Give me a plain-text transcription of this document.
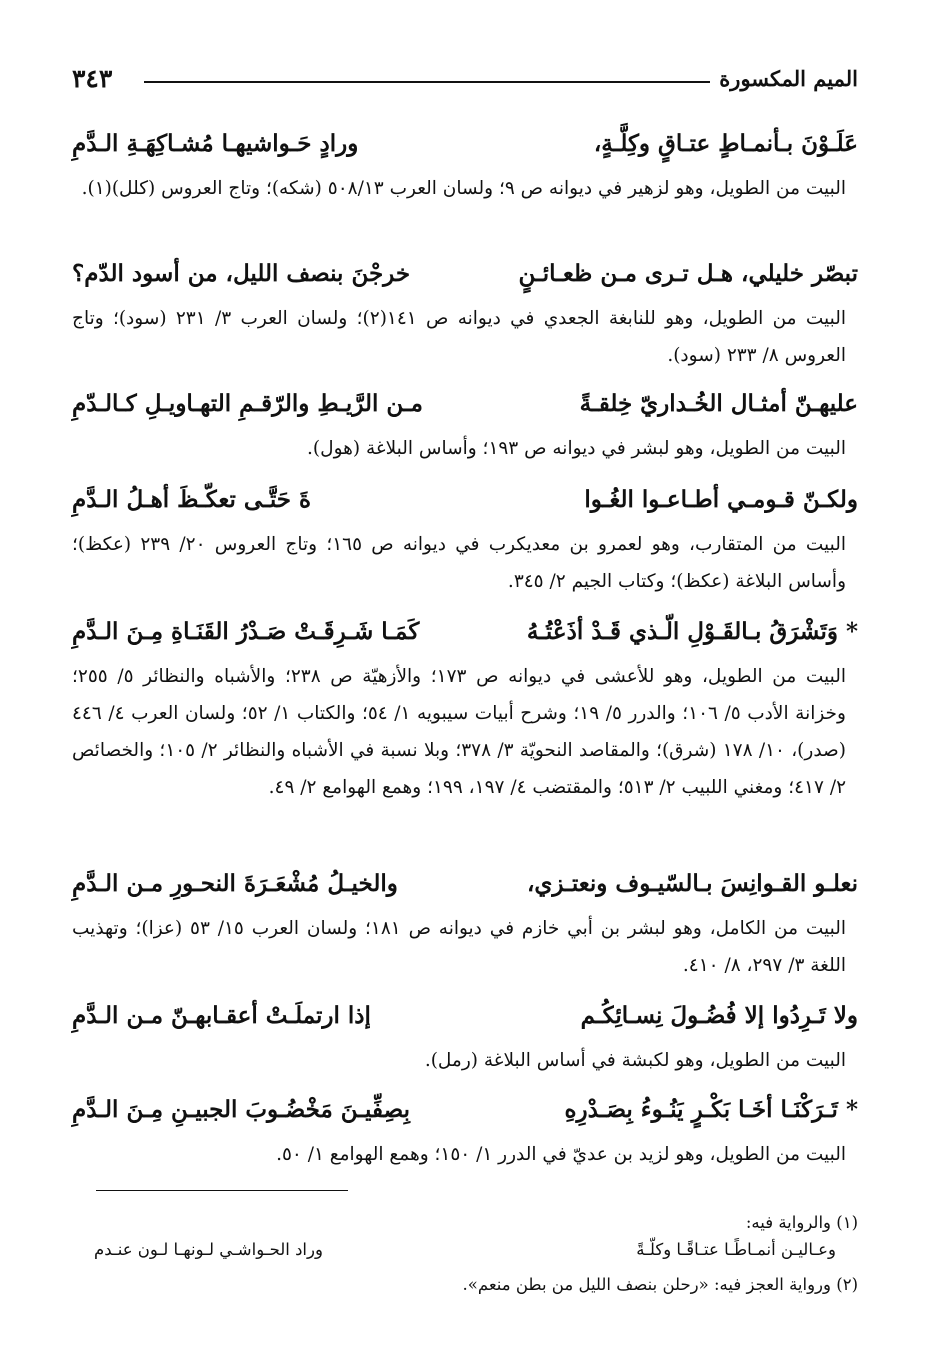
الميم المكسورة
٣٤٣
عَلَـوْنَ بـأنمـاطٍ عتـاقٍ وكِلَّـةٍ،
ورادٍ حَـواشيهـا مُشـاكِهَـةِ الـدَّمِ
البيت من الطويل، وهو لزهير في ديوانه ص ٩؛ ولسان العرب ٥٠٨/١٣ (شكه)؛ وتاج العروس (كلل)(١).
تبصّر خليلي، هـل تـرى مـن ظعـائـنٍ
خرجْنَ بنصف الليل، من أسود الدّم؟
البيت من الطويل، وهو للنابغة الجعدي في ديوانه ص ١٤١(٢)؛ ولسان العرب ٣/ ٢٣١ (سود)؛ وتاج العروس ٨/ ٢٣٣ (سود).
عليهـنّ أمثـال الخُـداريّ خِلقـةً
مـن الرَّيـطِ والرّقـمِ التهـاويـلِ كـالـدّمِ
البيت من الطويل، وهو لبشر في ديوانه ص ١٩٣؛ وأساس البلاغة (هول).
ولكـنّ قـومـي أطـاعـوا الغُـوا
ةَ حَتَّـى تعكّـظَ أهـلُ الـدَّمِ
البيت من المتقارب، وهو لعمرو بن معديكرب في ديوانه ص ١٦٥؛ وتاج العروس ٢٠/ ٢٣٩ (عكظ)؛ وأساس البلاغة (عكظ)؛ وكتاب الجيم ٢/ ٣٤٥.
* وَتَشْرَقُ بـالقَـوْلِ الّـذي قَـدْ أذَعْتُـهُ
كَمَـا شَـرِقَـتْ صَـدْرُ القَنَـاةِ مِـنَ الـدَّمِ
البيت من الطويل، وهو للأعشى في ديوانه ص ١٧٣؛ والأزهيّة ص ٢٣٨؛ والأشباه والنظائر ٥/ ٢٥٥؛ وخزانة الأدب ٥/ ١٠٦؛ والدرر ٥/ ١٩؛ وشرح أبيات سيبويه ١/ ٥٤؛ والكتاب ١/ ٥٢؛ ولسان العرب ٤/ ٤٤٦ (صدر)، ١٠/ ١٧٨ (شرق)؛ والمقاصد النحويّة ٣/ ٣٧٨؛ وبلا نسبة في الأشباه والنظائر ٢/ ١٠٥؛ والخصائص ٢/ ٤١٧؛ ومغني اللبيب ٢/ ٥١٣؛ والمقتضب ٤/ ١٩٧، ١٩٩؛ وهمع الهوامع ٢/ ٤٩.
نعلـو القـوانِسَ بـالسّيـوف ونعتـزي،
والخيـلُ مُشْعَـرَةَ النحـورِ مـن الـدَّمِ
البيت من الكامل، وهو لبشر بن أبي خازم في ديوانه ص ١٨١؛ ولسان العرب ١٥/ ٥٣ (عزا)؛ وتهذيب اللغة ٣/ ٢٩٧، ٨/ ٤١٠.
ولا تَـرِدُوا إلا فُضُـولَ نِسـائِكُـم
إذا ارتملَـتْ أعقـابهـنّ مـن الـدَّمِ
البيت من الطويل، وهو لكبشة في أساس البلاغة (رمل).
* تَـرَكْنَـا أخَـا بَكْـرٍ يَنُـوءُ بِصَـدْرِهِ
بِصِفِّيـنَ مَخْضُـوبَ الجبيـنِ مِـنَ الـدَّمِ
البيت من الطويل، وهو لزيد بن عديّ في الدرر ١/ ١٥٠؛ وهمع الهوامع ١/ ٥٠.
(١) والرواية فيه:
وعـاليـن أنمـاطًـا عتـاقًـا وكلّـةً
وراد الحـواشـي لـونهـا لـون عنـدم
(٢) ورواية العجز فيه: «رحلن بنصف الليل من بطن منعم».
